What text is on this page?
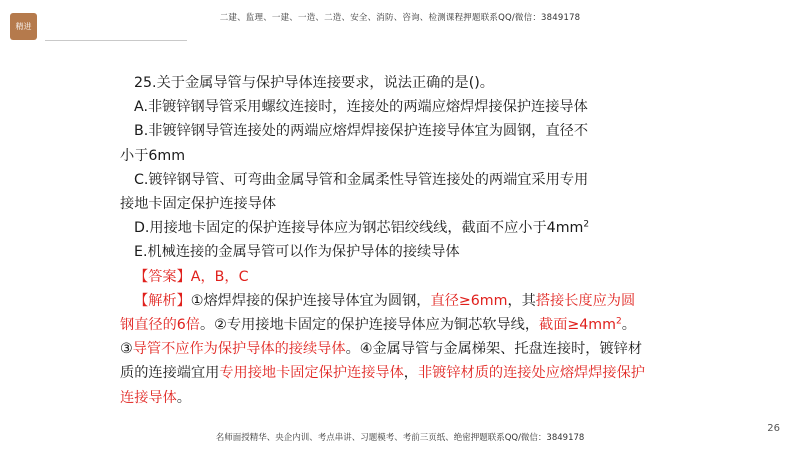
精进
二建、监理、一建、一造、二造、安全、消防、咨询、检测课程押题联系QQ/微信：3849178

25.关于金属导管与保护导体连接要求，说法正确的是()。

A.非镀锌钢导管采用螺纹连接时，连接处的两端应熔焊焊接保护连接导体

B.非镀锌钢导管连接处的两端应熔焊焊接保护连接导体宜为圆钢，直径不

小于6mm

C.镀锌钢导管、可弯曲金属导管和金属柔性导管连接处的两端宜采用专用

接地卡固定保护连接导体

D.用接地卡固定的保护连接导体应为钢芯铝绞线线，截面不应小于$4mm^2$

E.机械连接的金属导管可以作为保护导体的接续导体

【答案】A，B，C

【解析】①熔焊焊接的保护连接导体宜为圆钢，直径≥6mm，其搭接长度应为圆钢直径的6倍。②专用接地卡固定的保护连接导体应为铜芯软导线，截面$\ge 4mm^2$。③导管不应作为保护导体的接续导体。④金属导管与金属梯架、托盘连接时，镀锌材质的连接端宜用专用接地卡固定保护连接导体，非镀锌材质的连接处应熔焊焊接保护连接导体。

名师面授精华、央企内训、考点串讲、习题模考、考前三页纸、绝密押题联系QQ/微信：3849178
26
